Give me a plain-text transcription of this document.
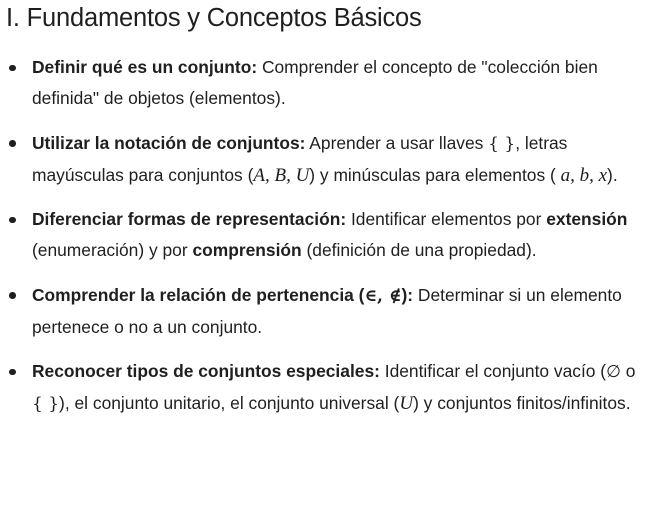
I. Fundamentos y Conceptos Básicos
Definir qué es un conjunto: Comprender el concepto de "colección bien definida" de objetos (elementos).
Utilizar la notación de conjuntos: Aprender a usar llaves { }, letras mayúsculas para conjuntos (A, B, U) y minúsculas para elementos ( a, b, x).
Diferenciar formas de representación: Identificar elementos por extensión (enumeración) y por comprensión (definición de una propiedad).
Comprender la relación de pertenencia (∈, ∉): Determinar si un elemento pertenece o no a un conjunto.
Reconocer tipos de conjuntos especiales: Identificar el conjunto vacío (∅ o { }), el conjunto unitario, el conjunto universal (U) y conjuntos finitos/infinitos.
